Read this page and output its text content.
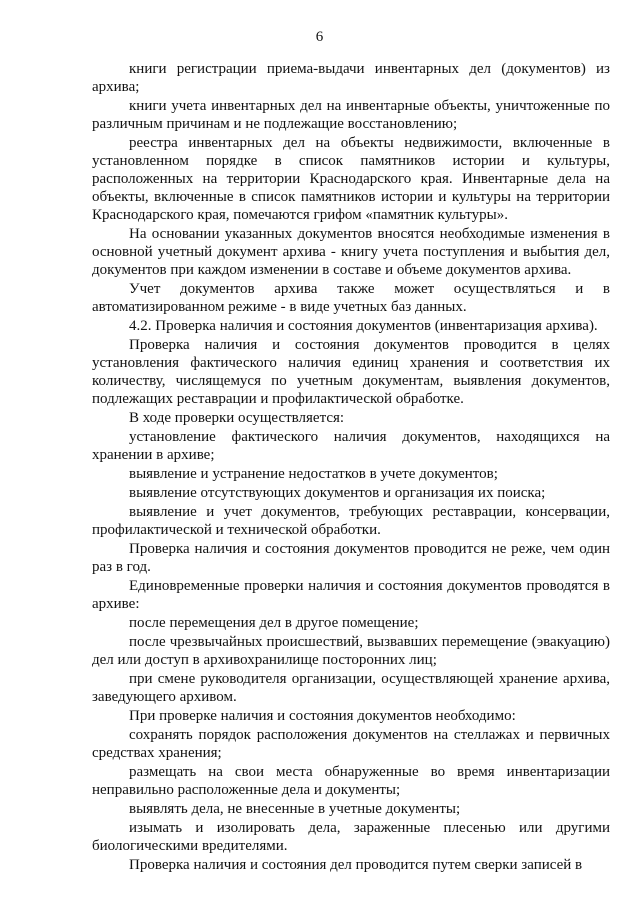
6

книги регистрации приема-выдачи инвентарных дел (документов) из архива;

книги учета инвентарных дел на инвентарные объекты, уничтоженные по различным причинам и не подлежащие восстановлению;

реестра инвентарных дел на объекты недвижимости, включенные в установленном порядке в список памятников истории и культуры, расположенных на территории Краснодарского края. Инвентарные дела на объекты, включенные в список памятников истории и культуры на территории Краснодарского края, помечаются грифом «памятник культуры».

На основании указанных документов вносятся необходимые изменения в основной учетный документ архива - книгу учета поступления и выбытия дел, документов при каждом изменении в составе и объеме документов архива.

Учет документов архива также может осуществляться и в автоматизированном режиме - в виде учетных баз данных.

4.2. Проверка наличия и состояния документов (инвентаризация архива).

Проверка наличия и состояния документов проводится в целях установления фактического наличия единиц хранения и соответствия их количеству, числящемуся по учетным документам, выявления документов, подлежащих реставрации и профилактической обработке.

В ходе проверки осуществляется:

установление фактического наличия документов, находящихся на хранении в архиве;

выявление и устранение недостатков в учете документов;

выявление отсутствующих документов и организация их поиска;

выявление и учет документов, требующих реставрации, консервации, профилактической и технической обработки.

Проверка наличия и состояния документов проводится не реже, чем один раз в год.

Единовременные проверки наличия и состояния документов проводятся в архиве:

после перемещения дел в другое помещение;

после чрезвычайных происшествий, вызвавших перемещение (эвакуацию) дел или доступ в архивохранилище посторонних лиц;

при смене руководителя организации, осуществляющей хранение архива, заведующего архивом.

При проверке наличия и состояния документов необходимо:

сохранять порядок расположения документов на стеллажах и первичных средствах хранения;

размещать на свои места обнаруженные во время инвентаризации неправильно расположенные дела и документы;

выявлять дела, не внесенные в учетные документы;

изымать и изолировать дела, зараженные плесенью или другими биологическими вредителями.

Проверка наличия и состояния дел проводится путем сверки записей в
